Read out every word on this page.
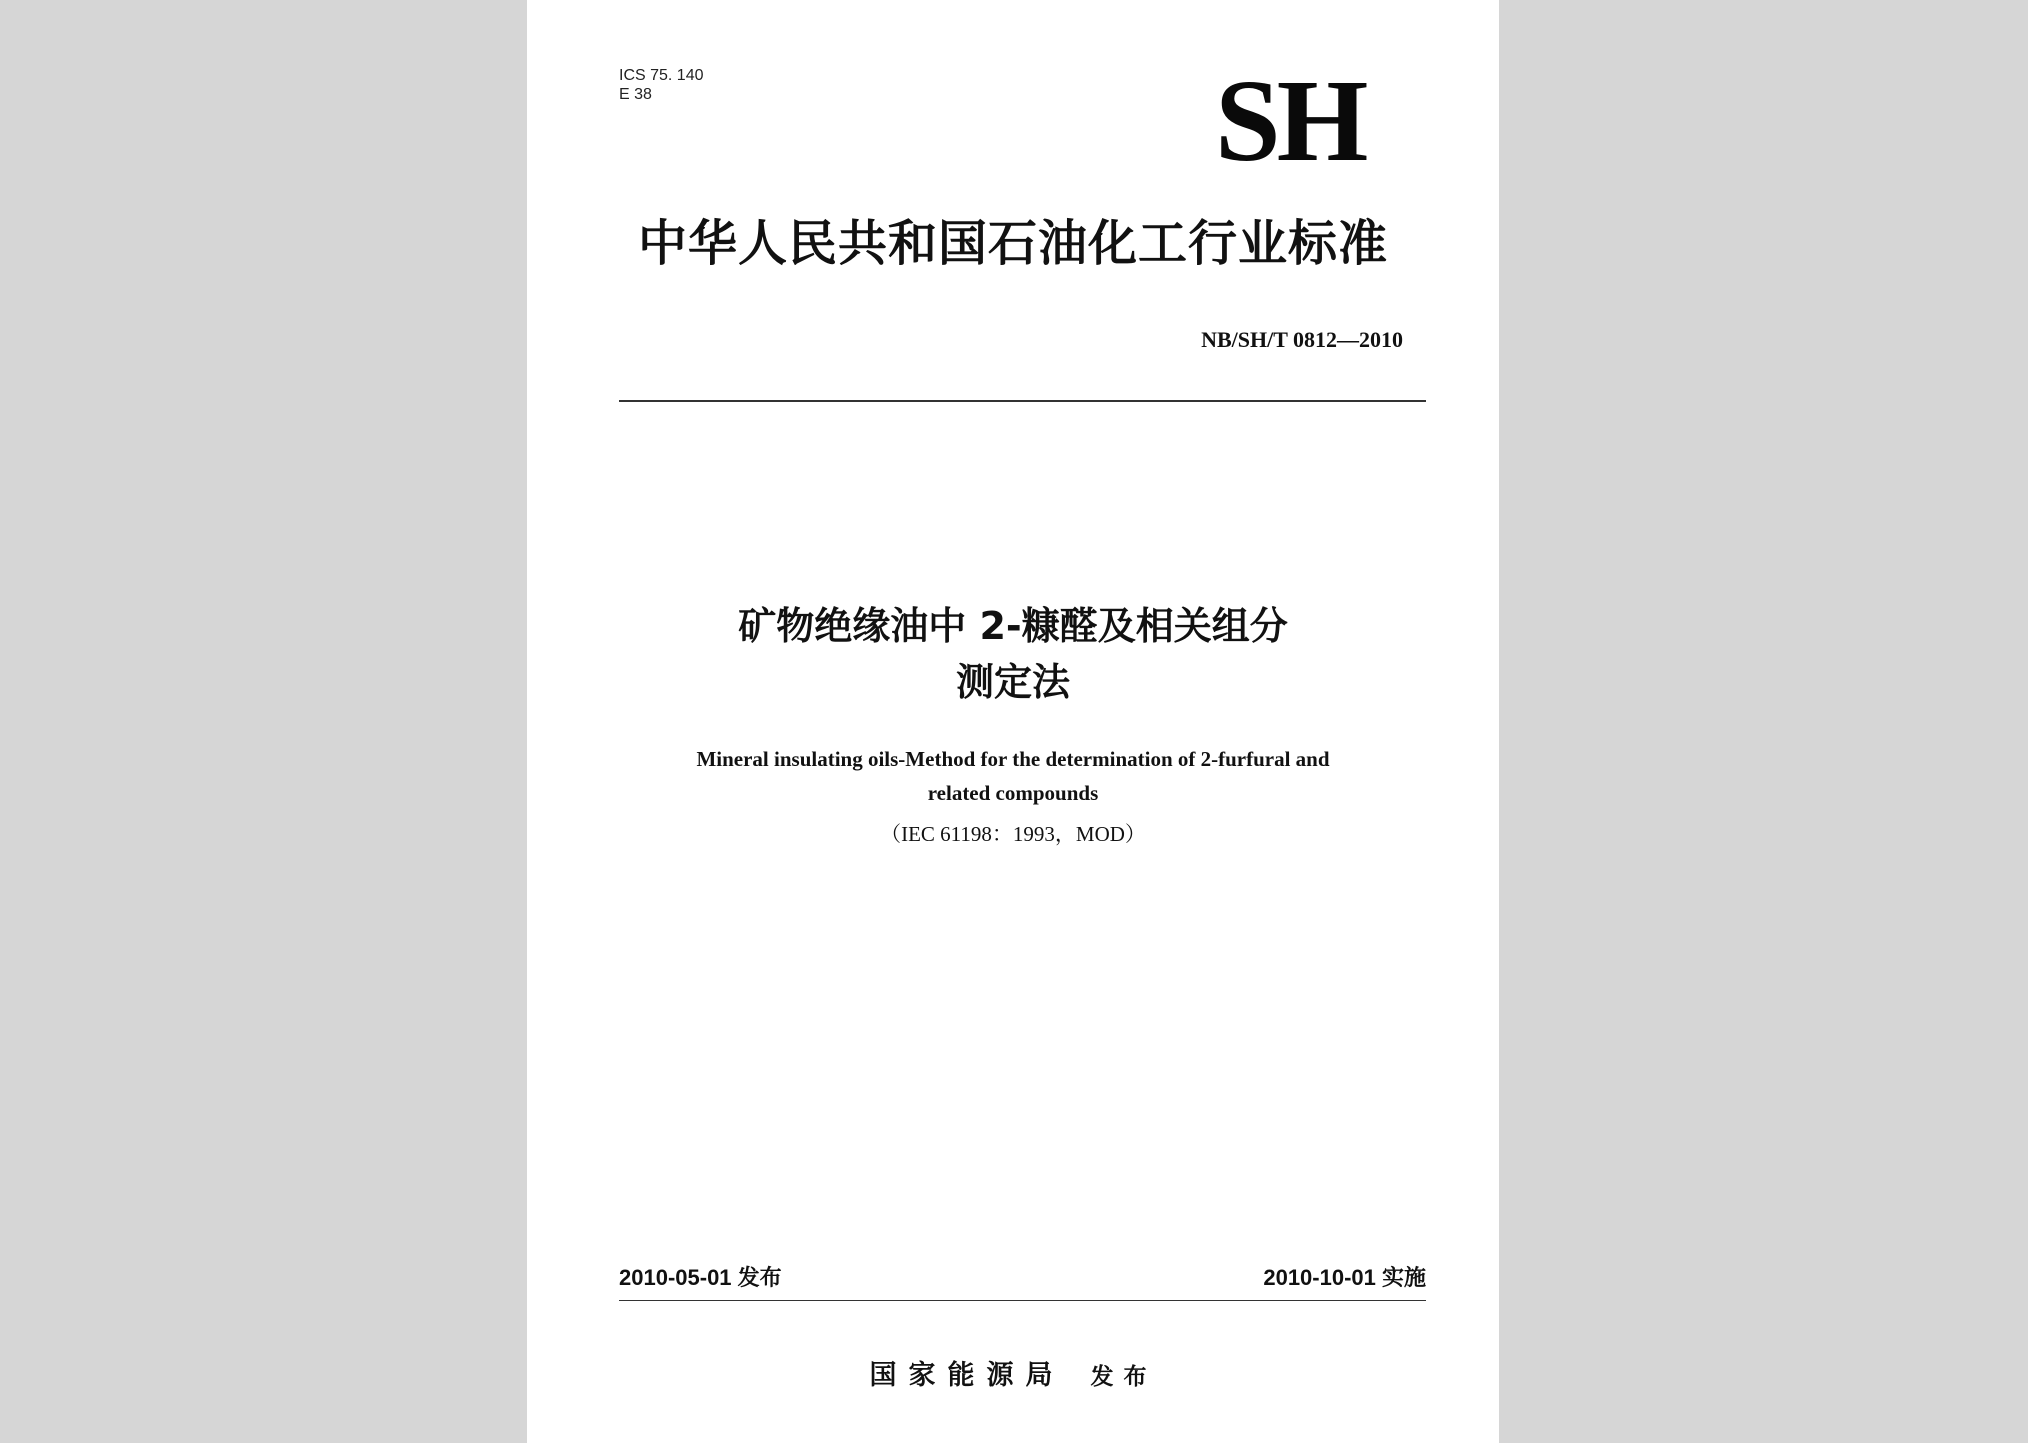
ICS 75. 140
E 38	SH
中华人民共和国石油化工行业标准
NB/SH/T 0812—2010
矿物绝缘油中 2-糠醛及相关组分
测定法
Mineral insulating oils-Method for the determination of 2-furfural and
related compounds
（IEC 61198：1993，MOD）
2010-05-01 发布	2010-10-01 实施
国家能源局 发布
